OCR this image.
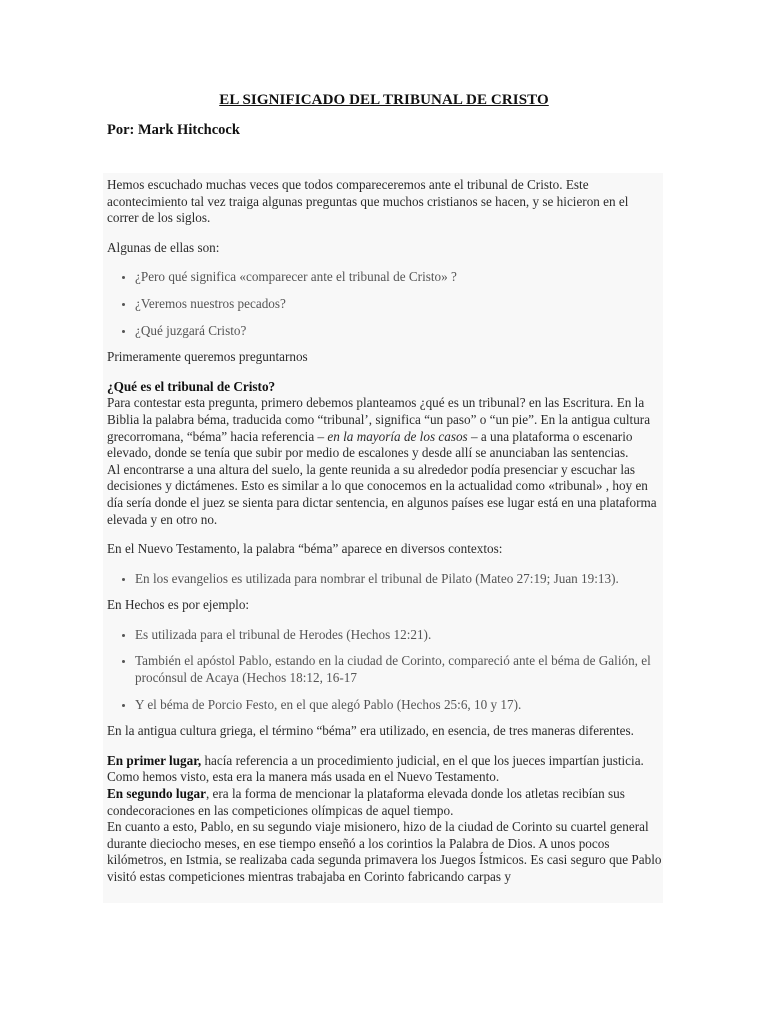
EL SIGNIFICADO DEL TRIBUNAL DE CRISTO
Por: Mark Hitchcock

Hemos escuchado muchas veces que todos compareceremos ante el tribunal de Cristo. Este acontecimiento tal vez traiga algunas preguntas que muchos cristianos se hacen, y se hicieron en el correr de los siglos.

Algunas de ellas son:

• ¿Pero qué significa «comparecer ante el tribunal de Cristo» ?
• ¿Veremos nuestros pecados?
• ¿Qué juzgará Cristo?

Primeramente queremos preguntarnos

¿Qué es el tribunal de Cristo?

Para contestar esta pregunta, primero debemos planteamos ¿qué es un tribunal? en las Escritura. En la Biblia la palabra béma, traducida como “tribunal’, significa “un paso” o “un pie”. En la antigua cultura grecorromana, “béma” hacia referencia – en la mayoría de los casos – a una plataforma o escenario elevado, donde se tenía que subir por medio de escalones y desde allí se anunciaban las sentencias.

Al encontrarse a una altura del suelo, la gente reunida a su alrededor podía presenciar y escuchar las decisiones y dictámenes. Esto es similar a lo que conocemos en la actualidad como «tribunal» , hoy en día sería donde el juez se sienta para dictar sentencia, en algunos países ese lugar está en una plataforma elevada y en otro no.

En el Nuevo Testamento, la palabra “béma” aparece en diversos contextos:

• En los evangelios es utilizada para nombrar el tribunal de Pilato (Mateo 27:19; Juan 19:13).

En Hechos es por ejemplo:

• Es utilizada para el tribunal de Herodes (Hechos 12:21).
• También el apóstol Pablo, estando en la ciudad de Corinto, compareció ante el béma de Galión, el procónsul de Acaya (Hechos 18:12, 16-17
• Y el béma de Porcio Festo, en el que alegó Pablo (Hechos 25:6, 10 y 17).

En la antigua cultura griega, el término “béma” era utilizado, en esencia, de tres maneras diferentes.

En primer lugar, hacía referencia a un procedimiento judicial, en el que los jueces impartían justicia. Como hemos visto, esta era la manera más usada en el Nuevo Testamento.

En segundo lugar, era la forma de mencionar la plataforma elevada donde los atletas recibían sus condecoraciones en las competiciones olímpicas de aquel tiempo.

En cuanto a esto, Pablo, en su segundo viaje misionero, hizo de la ciudad de Corinto su cuartel general durante dieciocho meses, en ese tiempo enseñó a los corintios la Palabra de Dios. A unos pocos kilómetros, en Istmia, se realizaba cada segunda primavera los Juegos Ístmicos. Es casi seguro que Pablo visitó estas competiciones mientras trabajaba en Corinto fabricando carpas y
